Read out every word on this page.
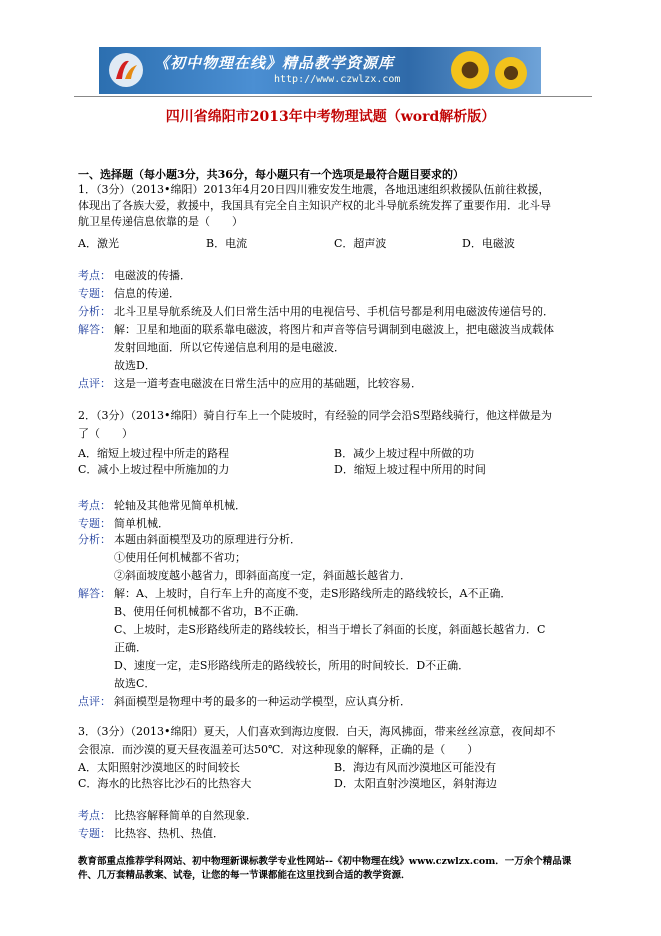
《初中物理在线》精品教学资源库
http://www.czwlzx.com
四川省绵阳市2013年中考物理试题（word解析版）
一、选择题（每小题3分，共36分，每小题只有一个选项是最符合题目要求的）
1．（3分）（2013•绵阳）2013年4月20日四川雅安发生地震，各地迅速组织救援队伍前往救援，
体现出了各族大爱，救援中，我国具有完全自主知识产权的北斗导航系统发挥了重要作用．北斗导
航卫星传递信息依靠的是（　　）
A．激光	B．电流	C．超声波	D．电磁波
考点： 电磁波的传播．
专题： 信息的传递．
分析： 北斗卫星导航系统及人们日常生活中用的电视信号、手机信号都是利用电磁波传递信号的．
解答： 解：卫星和地面的联系靠电磁波，将图片和声音等信号调制到电磁波上，把电磁波当成载体
发射回地面．所以它传递信息利用的是电磁波．
故选D．
点评： 这是一道考查电磁波在日常生活中的应用的基础题，比较容易．
2．（3分）（2013•绵阳）骑自行车上一个陡坡时，有经验的同学会沿S型路线骑行，他这样做是为
了（　　）
A．缩短上坡过程中所走的路程	B．减少上坡过程中所做的功
C．减小上坡过程中所施加的力	D．缩短上坡过程中所用的时间
考点： 轮轴及其他常见简单机械．
专题： 简单机械．
分析： 本题由斜面模型及功的原理进行分析．
①使用任何机械都不省功；
②斜面坡度越小越省力，即斜面高度一定，斜面越长越省力．
解答： 解：A、上坡时，自行车上升的高度不变，走S形路线所走的路线较长，A不正确．
B、使用任何机械都不省功，B不正确．
C、上坡时，走S形路线所走的路线较长，相当于增长了斜面的长度，斜面越长越省力．C
正确．
D、速度一定，走S形路线所走的路线较长，所用的时间较长．D不正确．
故选C．
点评： 斜面模型是物理中考的最多的一种运动学模型，应认真分析．
3．（3分）（2013•绵阳）夏天，人们喜欢到海边度假．白天，海风拂面，带来丝丝凉意，夜间却不
会很凉．而沙漠的夏天昼夜温差可达50℃．对这种现象的解释，正确的是（　　）
A．太阳照射沙漠地区的时间较长	B．海边有风而沙漠地区可能没有
C．海水的比热容比沙石的比热容大	D．太阳直射沙漠地区，斜射海边
考点： 比热容解释简单的自然现象．
专题： 比热容、热机、热值．
教育部重点推荐学科网站、初中物理新课标教学专业性网站--《初中物理在线》www.czwlzx.com．一万余个精品课
件、几万套精品教案、试卷，让您的每一节课都能在这里找到合适的教学资源．
